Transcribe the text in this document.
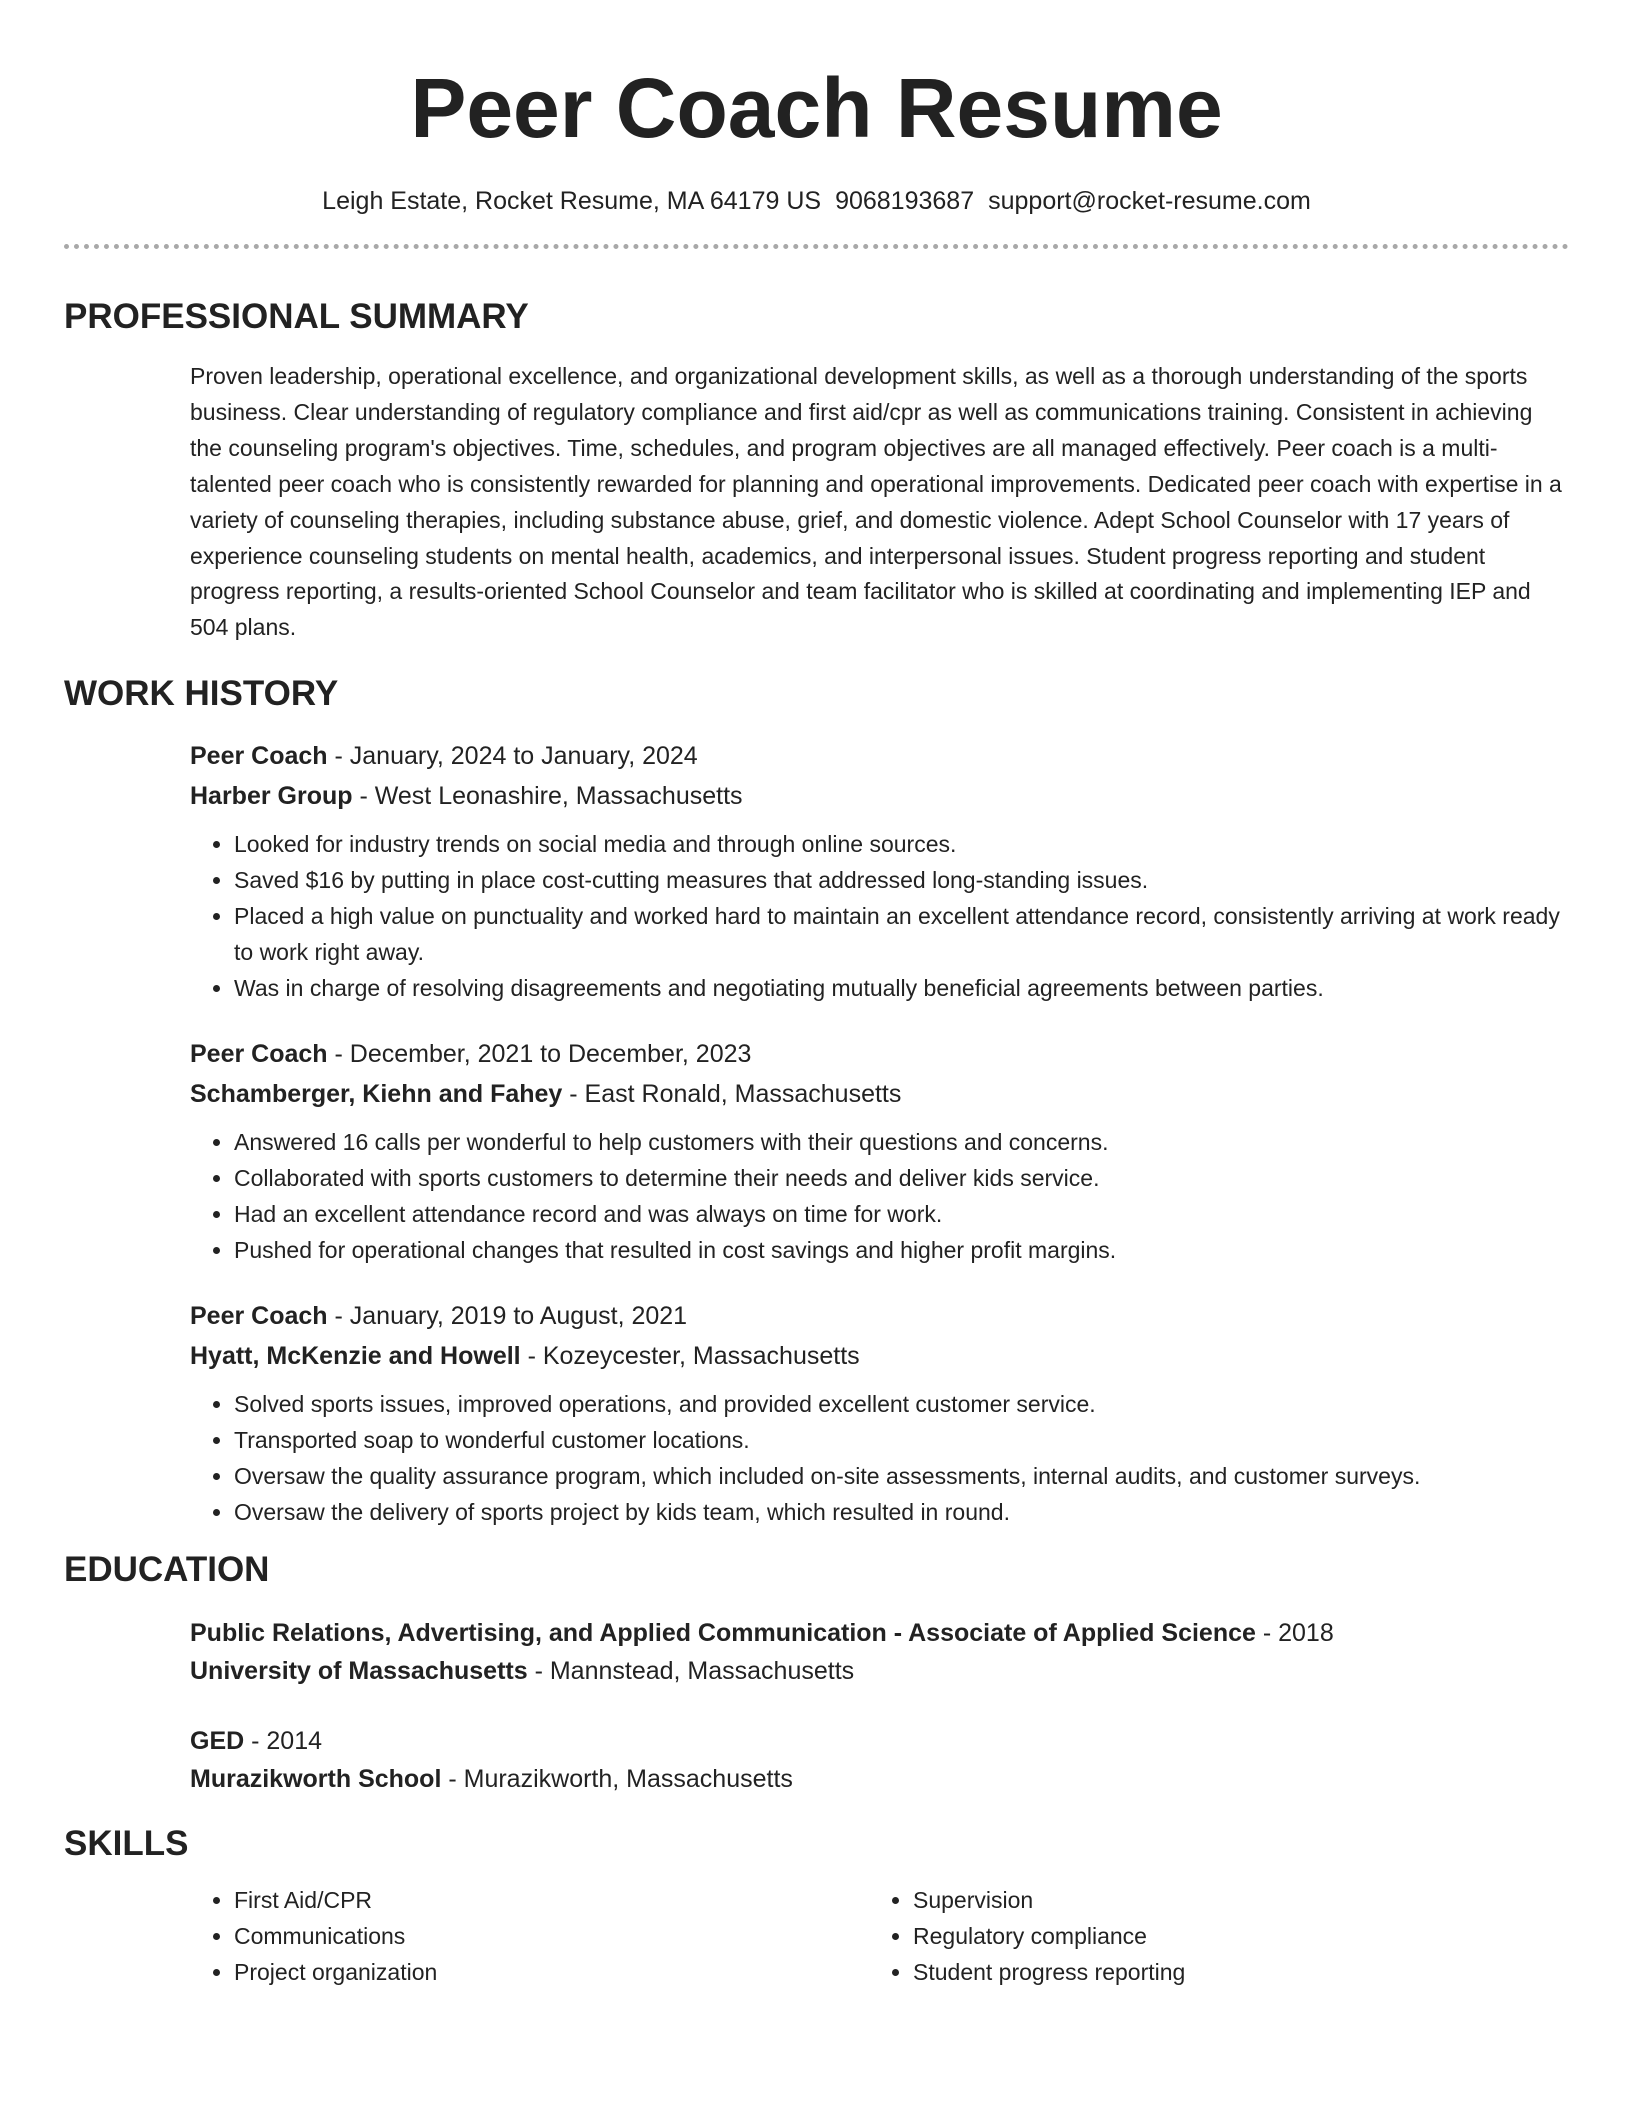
Peer Coach Resume
Leigh Estate, Rocket Resume, MA 64179 US 9068193687 support@rocket-resume.com
PROFESSIONAL SUMMARY
Proven leadership, operational excellence, and organizational development skills, as well as a thorough understanding of the sports business. Clear understanding of regulatory compliance and first aid/cpr as well as communications training. Consistent in achieving the counseling program's objectives. Time, schedules, and program objectives are all managed effectively. Peer coach is a multi-talented peer coach who is consistently rewarded for planning and operational improvements. Dedicated peer coach with expertise in a variety of counseling therapies, including substance abuse, grief, and domestic violence. Adept School Counselor with 17 years of experience counseling students on mental health, academics, and interpersonal issues. Student progress reporting and student progress reporting, a results-oriented School Counselor and team facilitator who is skilled at coordinating and implementing IEP and 504 plans.
WORK HISTORY
Peer Coach - January, 2024 to January, 2024
Harber Group - West Leonashire, Massachusetts
• Looked for industry trends on social media and through online sources.
• Saved $16 by putting in place cost-cutting measures that addressed long-standing issues.
• Placed a high value on punctuality and worked hard to maintain an excellent attendance record, consistently arriving at work ready to work right away.
• Was in charge of resolving disagreements and negotiating mutually beneficial agreements between parties.
Peer Coach - December, 2021 to December, 2023
Schamberger, Kiehn and Fahey - East Ronald, Massachusetts
• Answered 16 calls per wonderful to help customers with their questions and concerns.
• Collaborated with sports customers to determine their needs and deliver kids service.
• Had an excellent attendance record and was always on time for work.
• Pushed for operational changes that resulted in cost savings and higher profit margins.
Peer Coach - January, 2019 to August, 2021
Hyatt, McKenzie and Howell - Kozeycester, Massachusetts
• Solved sports issues, improved operations, and provided excellent customer service.
• Transported soap to wonderful customer locations.
• Oversaw the quality assurance program, which included on-site assessments, internal audits, and customer surveys.
• Oversaw the delivery of sports project by kids team, which resulted in round.
EDUCATION
Public Relations, Advertising, and Applied Communication - Associate of Applied Science - 2018
University of Massachusetts - Mannstead, Massachusetts
GED - 2014
Murazikworth School - Murazikworth, Massachusetts
SKILLS
• First Aid/CPR
• Communications
• Project organization
• Supervision
• Regulatory compliance
• Student progress reporting
